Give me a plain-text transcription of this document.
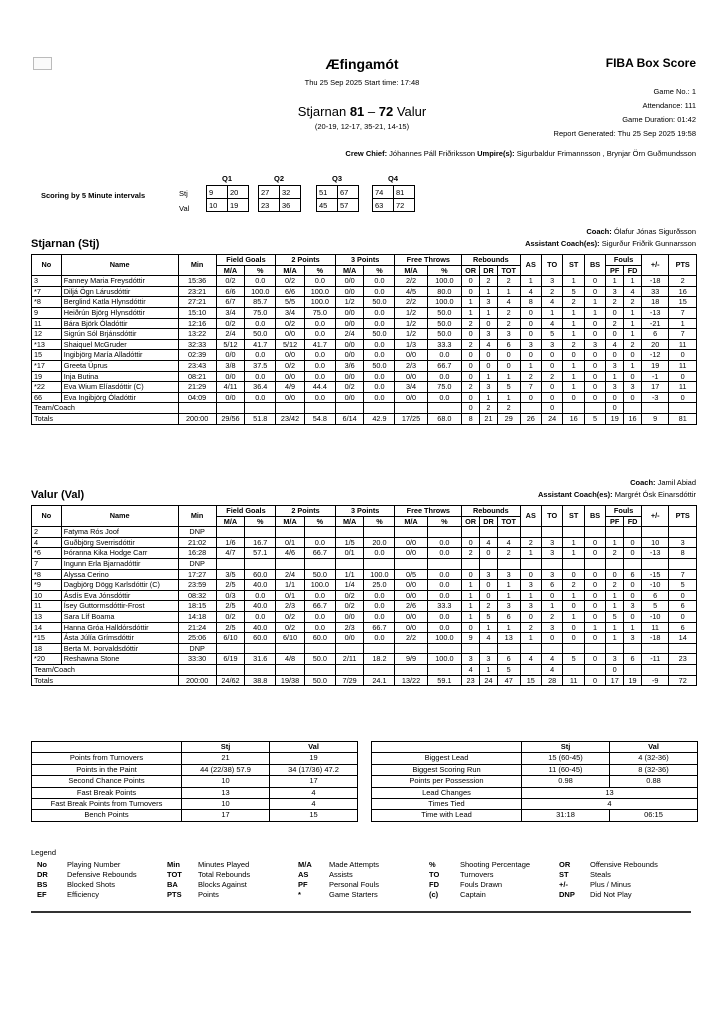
Æfingamót
Thu 25 Sep 2025 Start time: 17:48
Stjarnan 81 – 72 Valur
(20-19, 12-17, 35-21, 14-15)
FIBA Box Score
Game No.: 1
Attendance: 111
Game Duration: 01:42
Report Generated: Thu 25 Sep 2025 19:58
Crew Chief: Jóhannes Páll Friðriksson Umpire(s): Sigurbaldur Frimannsson , Brynjar Örn Guðmundsson
Scoring by 5 Minute intervals	Stj
Val
Q1
9	20
10	19
Q2
27	32
23	36
Q3
51	67
45	57
Q4
74	81
63	72
Coach: Ólafur Jónas Sigurðsson
Assistant Coach(es): Sigurður Friðrik Gunnarsson
Stjarnan (Stj)
No	Name	Min	Field Goals		2 Points		3 Points		Free Throws		Rebounds			AS	TO	ST	BS	Fouls		+/-	PTS
			M/A	%	M/A	%	M/A	%	M/A	%	OR	DR	TOT					PF	FD		
3	Fanney Maria Freysdóttir	15:36	0/2	0.0	0/2	0.0	0/0	0.0	2/2	100.0	0	2	2	1	3	1	0	1	1	-18	2
*7	Diljá Ögn Lárusdóttir	23:21	6/6	100.0	6/6	100.0	0/0	0.0	4/5	80.0	0	1	1	4	2	5	0	3	4	33	16
*8	Berglind Katla Hlynsdóttir	27:21	6/7	85.7	5/5	100.0	1/2	50.0	2/2	100.0	1	3	4	8	4	2	1	2	2	18	15
9	Heiðrún Björg Hlynsdóttir	15:10	3/4	75.0	3/4	75.0	0/0	0.0	1/2	50.0	1	1	2	0	1	1	1	0	1	-13	7
11	Bára Björk Óladóttir	12:16	0/2	0.0	0/2	0.0	0/0	0.0	1/2	50.0	2	0	2	0	4	1	0	2	1	-21	1
12	Sigrún Sól Brjánsdóttir	13:22	2/4	50.0	0/0	0.0	2/4	50.0	1/2	50.0	0	3	3	0	5	1	0	0	1	6	7
*13	Shaiquel McGruder	32:33	5/12	41.7	5/12	41.7	0/0	0.0	1/3	33.3	2	4	6	3	3	2	3	4	2	20	11
15	Ingibjörg María Alladóttir	02:39	0/0	0.0	0/0	0.0	0/0	0.0	0/0	0.0	0	0	0	0	0	0	0	0	0	-12	0
*17	Greeta Üprus	23:43	3/8	37.5	0/2	0.0	3/6	50.0	2/3	66.7	0	0	0	1	0	1	0	3	1	19	11
19	Inja Butina	08:21	0/0	0.0	0/0	0.0	0/0	0.0	0/0	0.0	0	1	1	2	2	1	0	1	0	-1	0
*22	Eva Wium Elíasdóttir (C)	21:29	4/11	36.4	4/9	44.4	0/2	0.0	3/4	75.0	2	3	5	7	0	1	0	3	3	17	11
66	Eva Ingibjörg Óladóttir	04:09	0/0	0.0	0/0	0.0	0/0	0.0	0/0	0.0	0	1	1	0	0	0	0	0	0	-3	0
Team/Coach											0	2	2		0			0			
Totals		200:00	29/56	51.8	23/42	54.8	6/14	42.9	17/25	68.0	8	21	29	26	24	16	5	19	16	9	81
Coach: Jamil Abiad
Assistant Coach(es): Margrét Ósk Einarsdóttir
Valur (Val)
No	Name	Min	Field Goals		2 Points		3 Points		Free Throws		Rebounds			AS	TO	ST	BS	Fouls		+/-	PTS
			M/A	%	M/A	%	M/A	%	M/A	%	OR	DR	TOT					PF	FD		
2	Fatyma Rós Joof	DNP																			
4	Guðbjörg Sverrisdóttir	21:02	1/6	16.7	0/1	0.0	1/5	20.0	0/0	0.0	0	4	4	2	3	1	0	1	0	10	3
*6	Þóranna Kika Hodge Carr	16:28	4/7	57.1	4/6	66.7	0/1	0.0	0/0	0.0	2	0	2	1	3	1	0	2	0	-13	8
7	Ingunn Erla Bjarnadóttir	DNP																			
*8	Alyssa Cerino	17:27	3/5	60.0	2/4	50.0	1/1	100.0	0/5	0.0	0	3	3	0	3	0	0	0	6	-15	7
*9	Dagbjörg Dögg Karlsdóttir (C)	23:59	2/5	40.0	1/1	100.0	1/4	25.0	0/0	0.0	1	0	1	3	6	2	0	2	0	-10	5
10	Ásdís Eva Jónsdóttir	08:32	0/3	0.0	0/1	0.0	0/2	0.0	0/0	0.0	1	0	1	1	0	1	0	1	0	6	0
11	Ísey Guttormsdóttir-Frost	18:15	2/5	40.0	2/3	66.7	0/2	0.0	2/6	33.3	1	2	3	3	1	0	0	1	3	5	6
13	Sara Líf Boama	14:18	0/2	0.0	0/2	0.0	0/0	0.0	0/0	0.0	1	5	6	0	2	1	0	5	0	-10	0
14	Hanna Gróa Halldórsdóttir	21:24	2/5	40.0	0/2	0.0	2/3	66.7	0/0	0.0	0	1	1	2	3	0	1	1	1	11	6
*15	Ásta Júlía Grímsdóttir	25:06	6/10	60.0	6/10	60.0	0/0	0.0	2/2	100.0	9	4	13	1	0	0	0	1	3	-18	14
18	Berta M. Þorvaldsdóttir	DNP																			
*20	Reshawna Stone	33:30	6/19	31.6	4/8	50.0	2/11	18.2	9/9	100.0	3	3	6	4	4	5	0	3	6	-11	23
Team/Coach											4	1	5		4			0			
Totals		200:00	24/62	38.8	19/38	50.0	7/29	24.1	13/22	59.1	23	24	47	15	28	11	0	17	19	-9	72
	Stj	Val
Points from Turnovers	21	19
Points in the Paint	44 (22/38) 57.9	34 (17/36) 47.2
Second Chance Points	10	17
Fast Break Points	13	4
Fast Break Points from Turnovers	10	4
Bench Points	17	15
	Stj	Val
Biggest Lead	15 (60-45)	4 (32-36)
Biggest Scoring Run	11 (60-45)	8 (32-36)
Points per Possession	0.98	0.88
Lead Changes	13	
Times Tied	4	
Time with Lead	31:18	06:15
Legend
No	Playing Number	Min Minutes Played	M/A Made Attempts	%	Shooting Percentage	OR	Offensive Rebounds
DR	Defensive Rebounds	TOT Total Rebounds	AS	Assists	TO	Turnovers	ST	Steals
BS	Blocked Shots	BA	Blocks Against	PF	Personal Fouls	FD	Fouls Drawn	+/-	Plus / Minus
EF	Efficiency	PTS Points	*	Game Starters	(c)	Captain	DNP Did Not Play
